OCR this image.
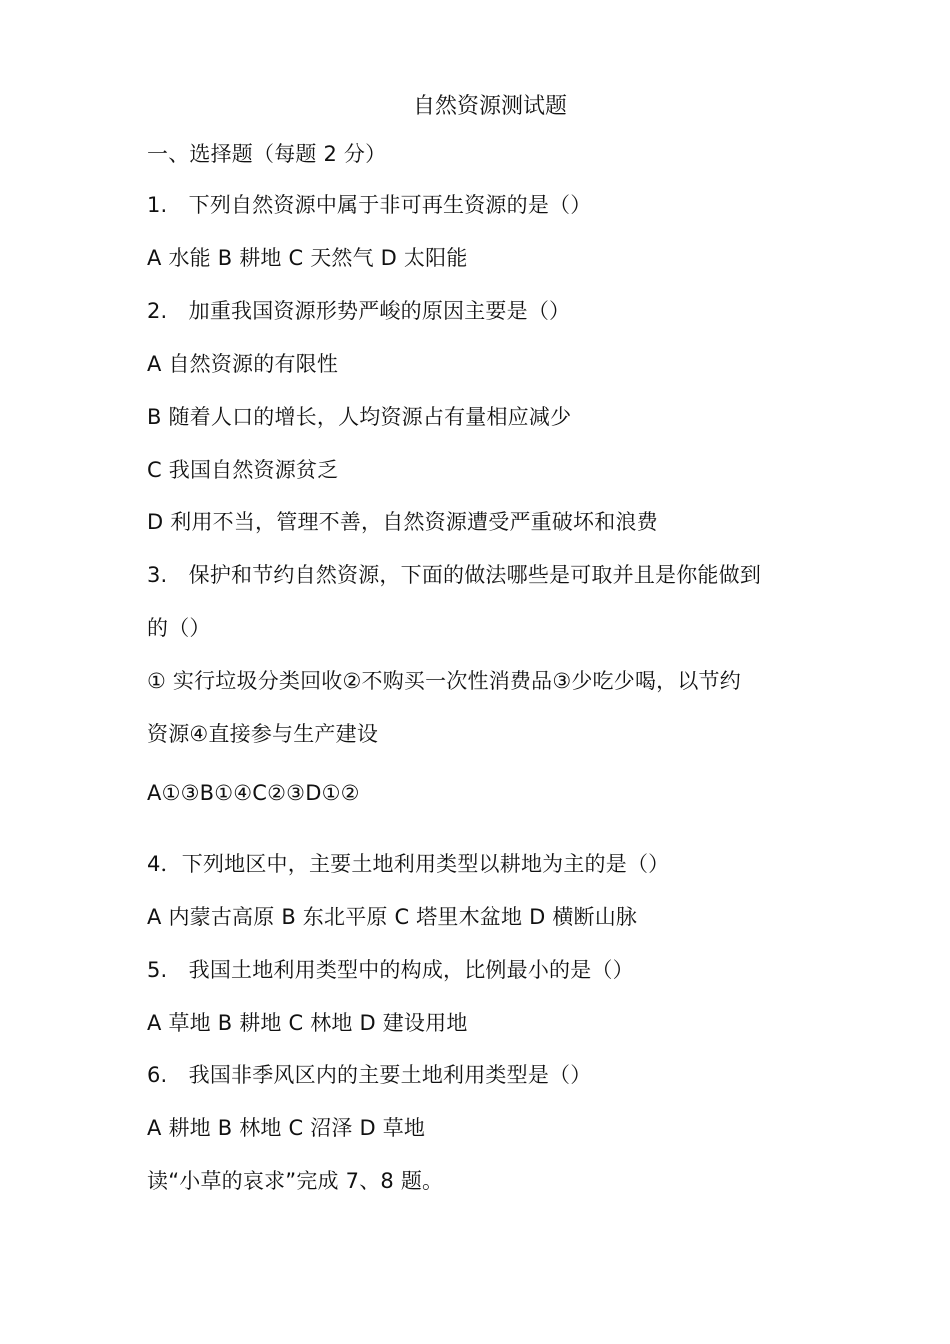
自然资源测试题
一、选择题（每题 2 分）
1.　下列自然资源中属于非可再生资源的是（）
A 水能 B 耕地 C 天然气 D 太阳能
2.　加重我国资源形势严峻的原因主要是（）
A 自然资源的有限性
B 随着人口的增长，人均资源占有量相应减少
C 我国自然资源贫乏
D 利用不当，管理不善，自然资源遭受严重破坏和浪费
3.　保护和节约自然资源，下面的做法哪些是可取并且是你能做到
的（）
① 实行垃圾分类回收②不购买一次性消费品③少吃少喝，以节约
资源④直接参与生产建设
A①③B①④C②③D①②
4．下列地区中，主要土地利用类型以耕地为主的是（）
A 内蒙古高原 B 东北平原 C 塔里木盆地 D 横断山脉
5.　我国土地利用类型中的构成，比例最小的是（）
A 草地 B 耕地 C 林地 D 建设用地
6.　我国非季风区内的主要土地利用类型是（）
A 耕地 B 林地 C 沼泽 D 草地
读“小草的哀求”完成 7、8 题。
